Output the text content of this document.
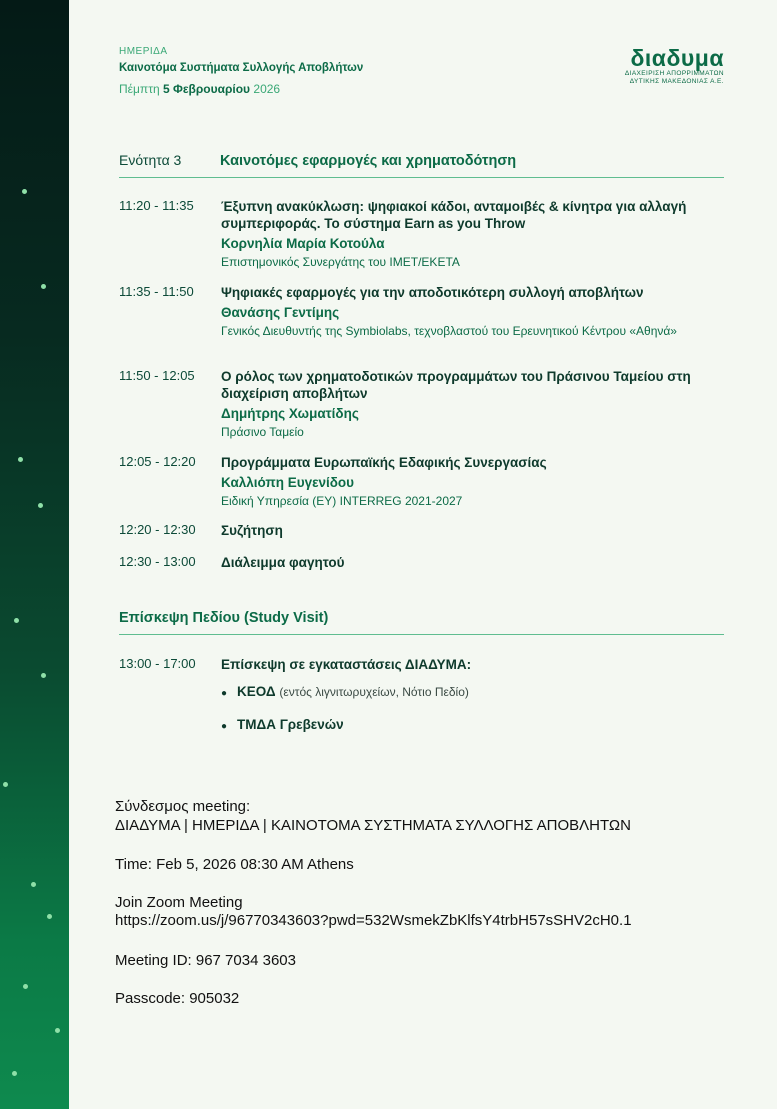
ΗΜΕΡΙΔΑ
Καινοτόμα Συστήματα Συλλογής Αποβλήτων
Πέμπτη 5 Φεβρουαρίου 2026
διαδυμα
ΔΙΑΧΕΙΡΙΣΗ ΑΠΟΡΡΙΜΜΑΤΩΝ
ΔΥΤΙΚΗΣ ΜΑΚΕΔΟΝΙΑΣ Α.Ε.
Ενότητα 3	Καινοτόμες εφαρμογές και χρηματοδότηση
11:20 - 11:35 Έξυπνη ανακύκλωση: ψηφιακοί κάδοι, ανταμοιβές & κίνητρα για αλλαγή συμπεριφοράς. Το σύστημα Earn as you Throw
Κορνηλία Μαρία Κοτούλα
Επιστημονικός Συνεργάτης του ΙΜΕΤ/ΕΚΕΤΑ
11:35 - 11:50 Ψηφιακές εφαρμογές για την αποδοτικότερη συλλογή αποβλήτων
Θανάσης Γεντίμης
Γενικός Διευθυντής της Symbiolabs, τεχνοβλαστού του Ερευνητικού Κέντρου «Αθηνά»
11:50 - 12:05 Ο ρόλος των χρηματοδοτικών προγραμμάτων του Πράσινου Ταμείου στη διαχείριση αποβλήτων
Δημήτρης Χωματίδης
Πράσινο Ταμείο
12:05 - 12:20 Προγράμματα Ευρωπαϊκής Εδαφικής Συνεργασίας
Καλλιόπη Ευγενίδου
Ειδική Υπηρεσία (ΕΥ) INTERREG 2021-2027
12:20 - 12:30 Συζήτηση
12:30 - 13:00 Διάλειμμα φαγητού
Επίσκεψη Πεδίου (Study Visit)
13:00 - 17:00 Επίσκεψη σε εγκαταστάσεις ΔΙΑΔΥΜΑ:
● ΚΕΟΔ (εντός λιγνιτωρυχείων, Νότιο Πεδίο)
● ΤΜΔΑ Γρεβενών
Σύνδεσμος meeting:
ΔΙΑΔΥΜΑ | ΗΜΕΡΙΔΑ | ΚΑΙΝΟΤΟΜΑ ΣΥΣΤΗΜΑΤΑ ΣΥΛΛΟΓΗΣ ΑΠΟΒΛΗΤΩΝ
Time: Feb 5, 2026 08:30 AM Athens
Join Zoom Meeting
https://zoom.us/j/96770343603?pwd=532WsmekZbKlfsY4trbH57sSHV2cH0.1
Meeting ID: 967 7034 3603
Passcode: 905032
